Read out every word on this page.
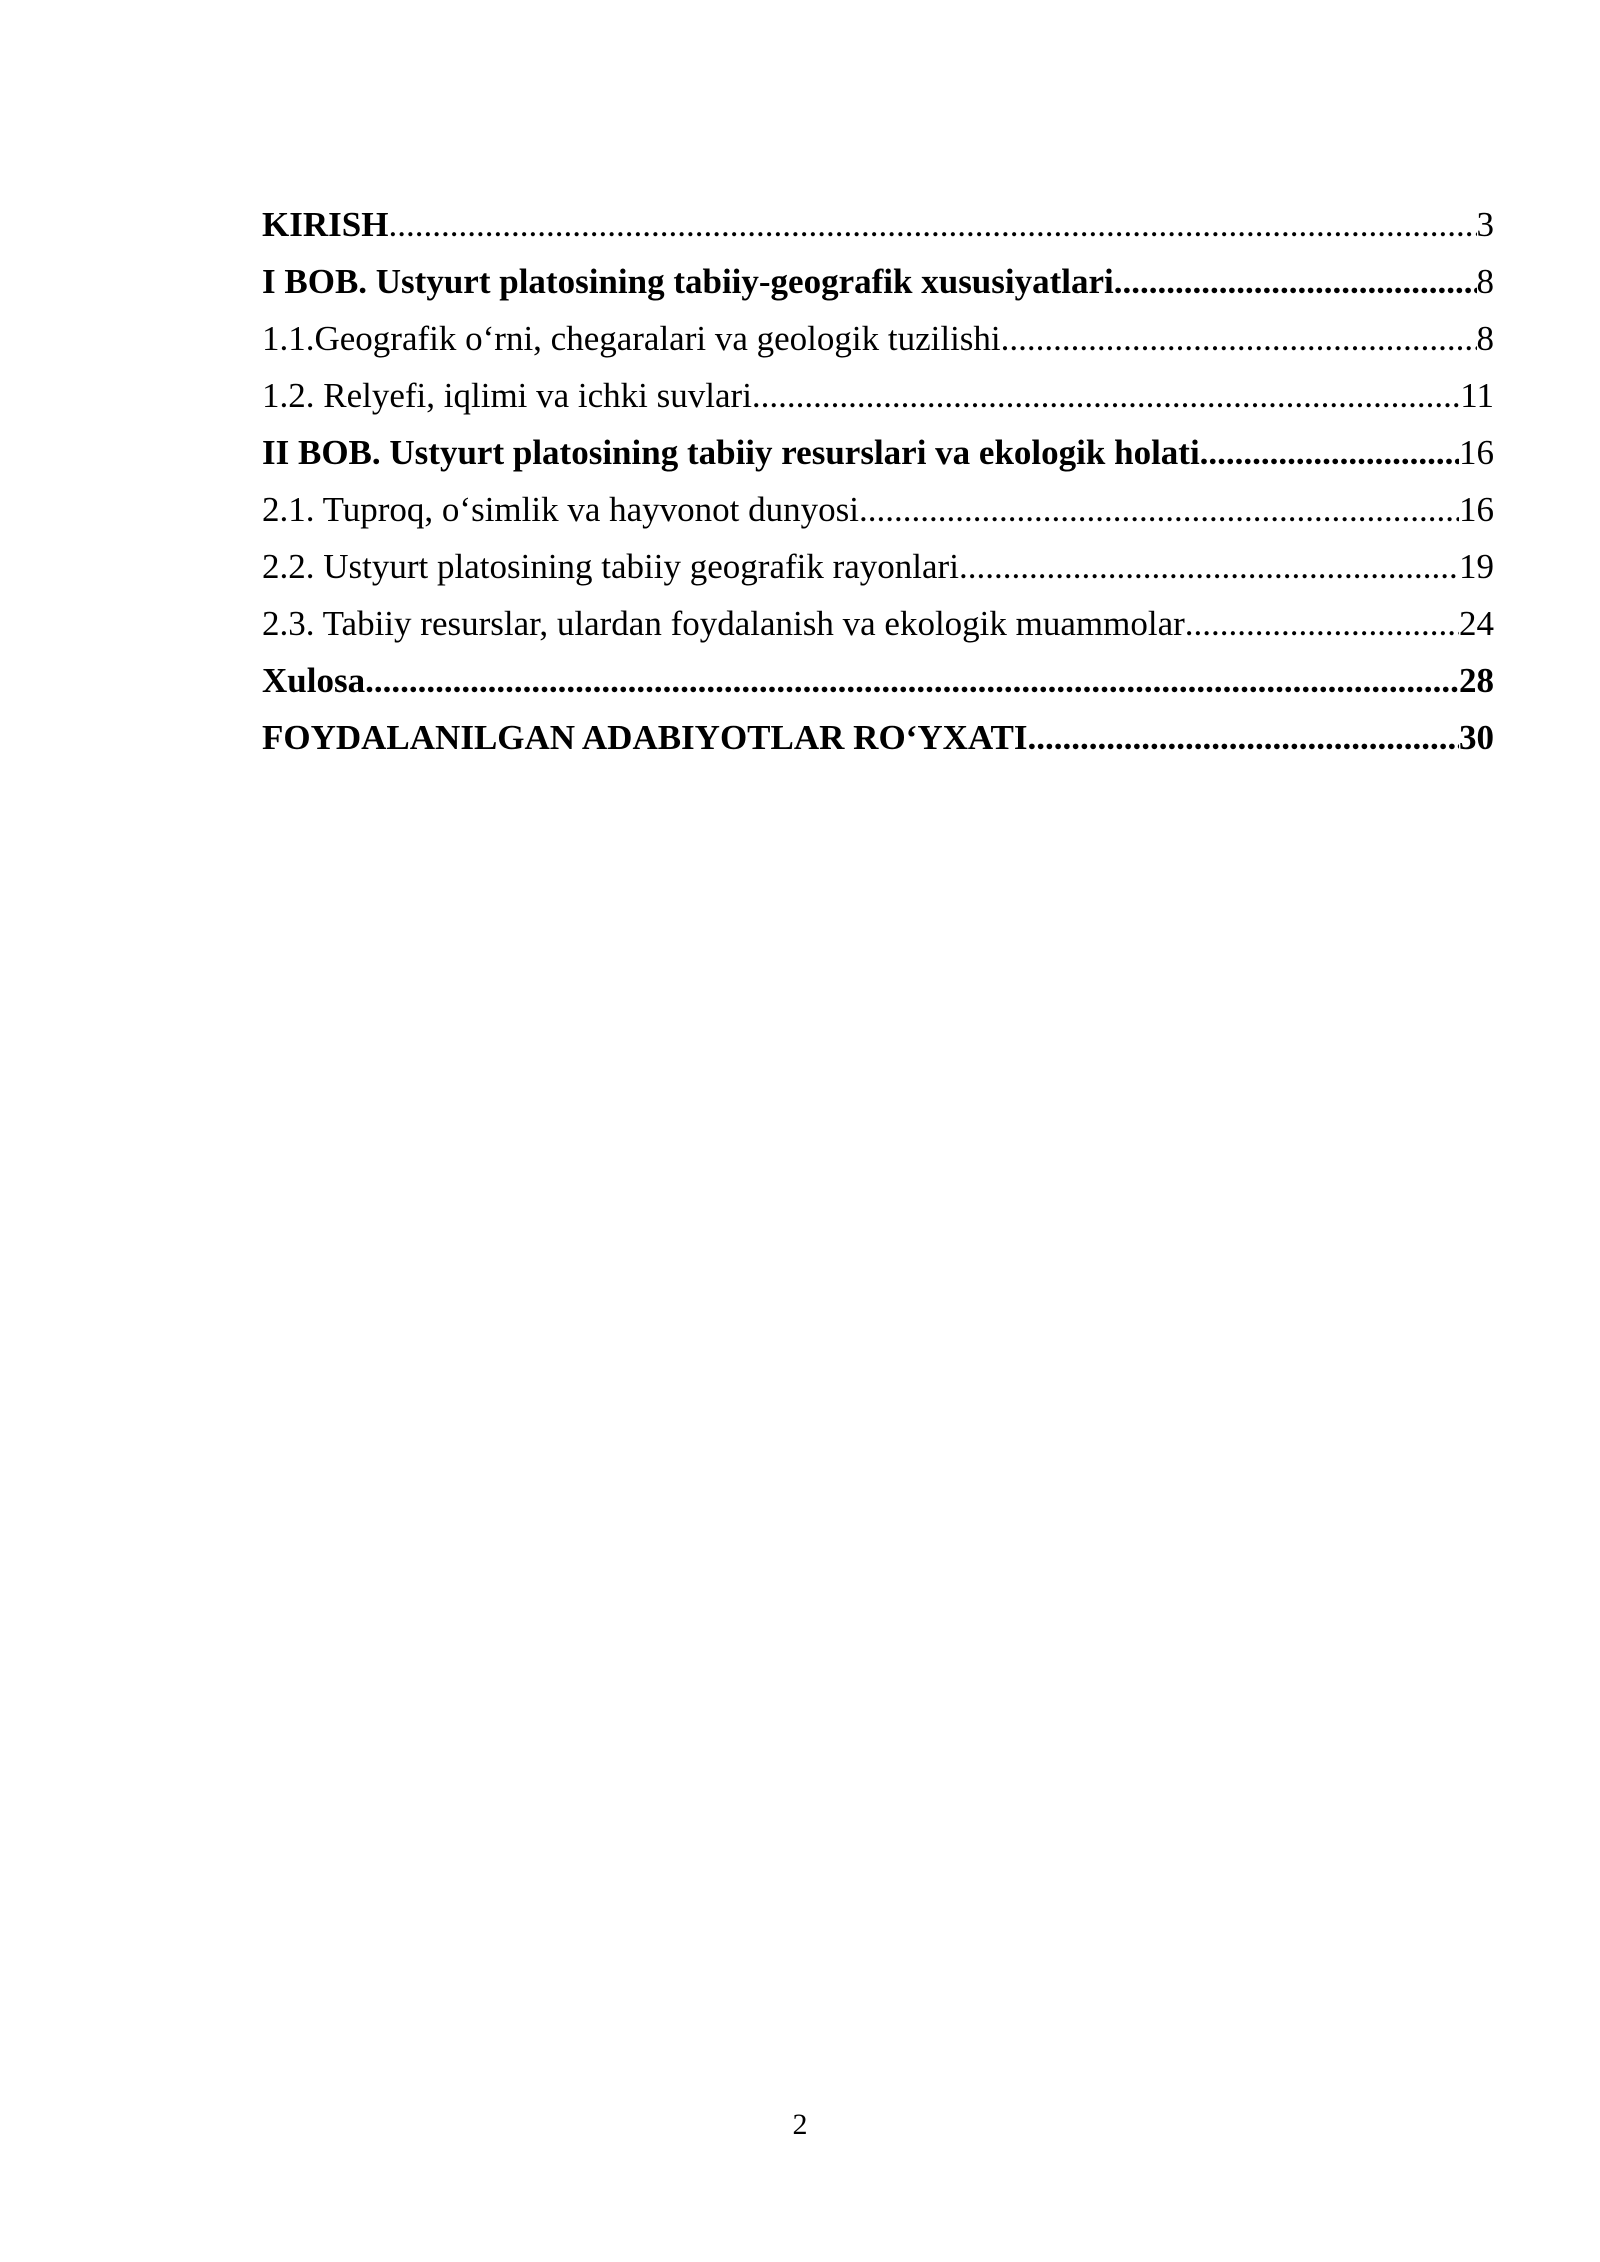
KIRISH .....	3
I BOB. Ustyurt platosining tabiiy-geografik xususiyatlari .....	8
1.1.Geografik o‘rni, chegaralari va geologik tuzilishi .....	8
1.2. Relyefi, iqlimi va ichki suvlari .....	11
II BOB. Ustyurt platosining tabiiy resurslari va ekologik holati .....	16
2.1. Tuproq, o‘simlik va hayvonot dunyosi .....	16
2.2. Ustyurt platosining tabiiy geografik rayonlari .....	19
2.3. Tabiiy resurslar, ulardan foydalanish va ekologik muammolar .....	24
Xulosa .....	28
FOYDALANILGAN ADABIYOTLAR RO‘YXATI .....	30
2
